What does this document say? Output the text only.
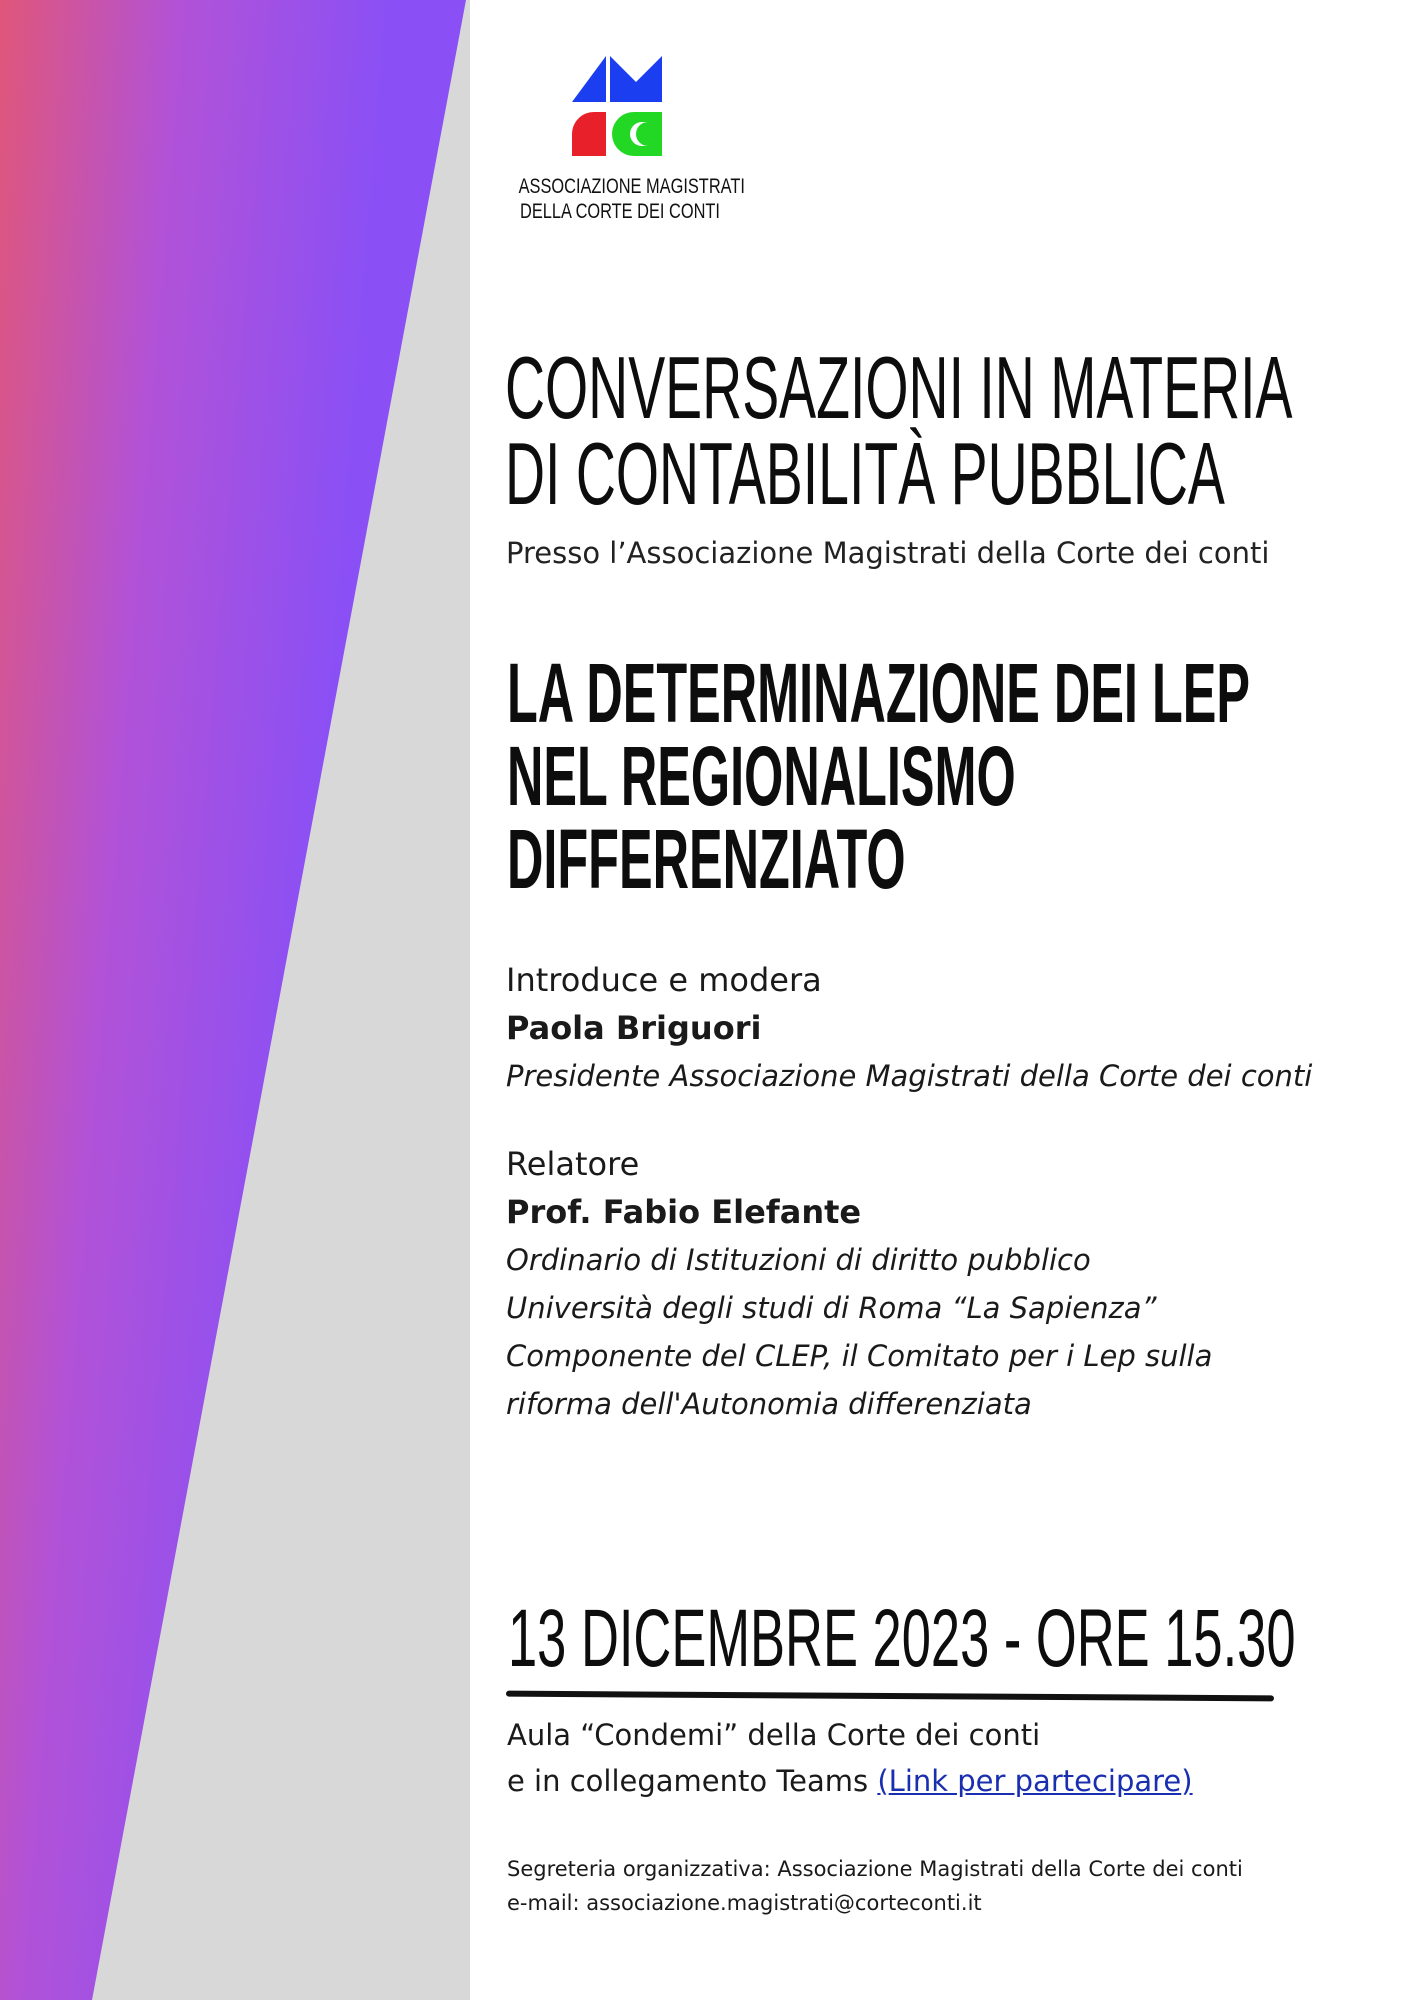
ASSOCIAZIONE MAGISTRATI
DELLA CORTE DEI CONTI
CONVERSAZIONI IN MATERIA
DI CONTABILITÀ PUBBLICA
Presso l’Associazione Magistrati della Corte dei conti
LA DETERMINAZIONE DEI LEP
NEL REGIONALISMO
DIFFERENZIATO
Introduce e modera
Paola Briguori
Presidente Associazione Magistrati della Corte dei conti
Relatore
Prof. Fabio Elefante
Ordinario di Istituzioni di diritto pubblico
Università degli studi di Roma “La Sapienza”
Componente del CLEP, il Comitato per i Lep sulla
riforma dell'Autonomia differenziata
13 DICEMBRE 2023 - ORE 15.30
Aula “Condemi” della Corte dei conti
e in collegamento Teams (Link per partecipare)
Segreteria organizzativa: Associazione Magistrati della Corte dei conti
e-mail: associazione.magistrati@corteconti.it
